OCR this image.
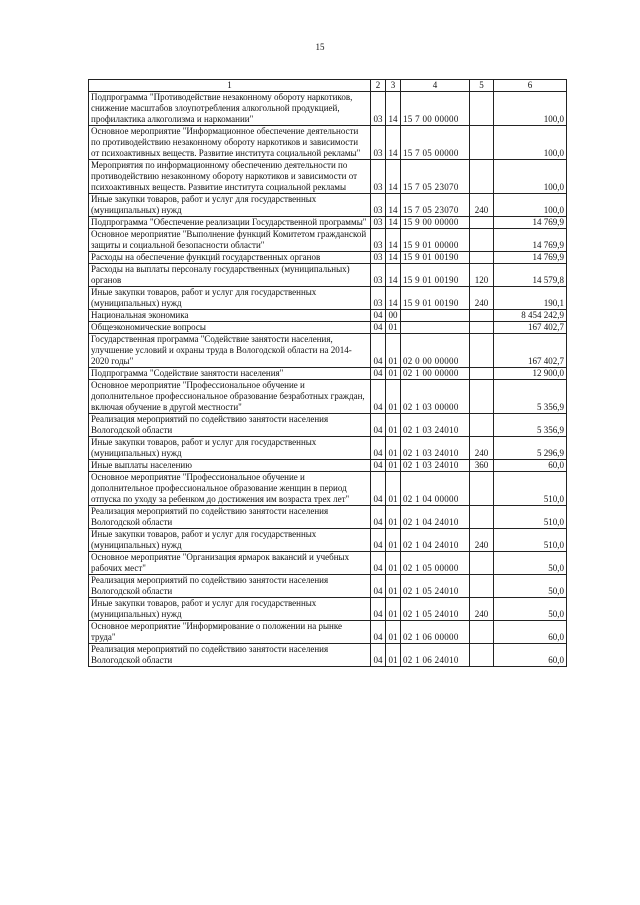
15
1	2	3	4	5	6
Подпрограмма "Противодействие незаконному обороту наркотиков, снижение масштабов злоупотребления алкогольной продукцией, профилактика алкоголизма и наркомании"	03	14	15 7 00 00000		100,0
Основное мероприятие "Информационное обеспечение деятельности по противодействию незаконному обороту наркотиков и зависимости от психоактивных веществ. Развитие института социальной рекламы"	03	14	15 7 05 00000		100,0
Мероприятия по информационному обеспечению деятельности по противодействию незаконному обороту наркотиков и зависимости от психоактивных веществ. Развитие института социальной рекламы	03	14	15 7 05 23070		100,0
Иные закупки товаров, работ и услуг для государственных (муниципальных) нужд	03	14	15 7 05 23070	240	100,0
Подпрограмма "Обеспечение реализации Государственной программы"	03	14	15 9 00 00000		14 769,9
Основное мероприятие "Выполнение функций Комитетом гражданской защиты и социальной безопасности области"	03	14	15 9 01 00000		14 769,9
Расходы на обеспечение функций государственных органов	03	14	15 9 01 00190		14 769,9
Расходы на выплаты персоналу государственных (муниципальных) органов	03	14	15 9 01 00190	120	14 579,8
Иные закупки товаров, работ и услуг для государственных (муниципальных) нужд	03	14	15 9 01 00190	240	190,1
Национальная экономика	04	00			8 454 242,9
Общеэкономические вопросы	04	01			167 402,7
Государственная программа "Содействие занятости населения, улучшение условий и охраны труда в Вологодской области на 2014-2020 годы"	04	01	02 0 00 00000		167 402,7
Подпрограмма "Содействие занятости населения"	04	01	02 1 00 00000		12 900,0
Основное мероприятие "Профессиональное обучение и дополнительное профессиональное образование безработных граждан, включая обучение в другой местности"	04	01	02 1 03 00000		5 356,9
Реализация мероприятий по содействию занятости населения Вологодской области	04	01	02 1 03 24010		5 356,9
Иные закупки товаров, работ и услуг для государственных (муниципальных) нужд	04	01	02 1 03 24010	240	5 296,9
Иные выплаты населению	04	01	02 1 03 24010	360	60,0
Основное мероприятие "Профессиональное обучение и дополнительное профессиональное образование женщин в период отпуска по уходу за ребенком до достижения им возраста трех лет"	04	01	02 1 04 00000		510,0
Реализация мероприятий по содействию занятости населения Вологодской области	04	01	02 1 04 24010		510,0
Иные закупки товаров, работ и услуг для государственных (муниципальных) нужд	04	01	02 1 04 24010	240	510,0
Основное мероприятие "Организация ярмарок вакансий и учебных рабочих мест"	04	01	02 1 05 00000		50,0
Реализация мероприятий по содействию занятости населения Вологодской области	04	01	02 1 05 24010		50,0
Иные закупки товаров, работ и услуг для государственных (муниципальных) нужд	04	01	02 1 05 24010	240	50,0
Основное мероприятие "Информирование о положении на рынке труда"	04	01	02 1 06 00000		60,0
Реализация мероприятий по содействию занятости населения Вологодской области	04	01	02 1 06 24010		60,0
